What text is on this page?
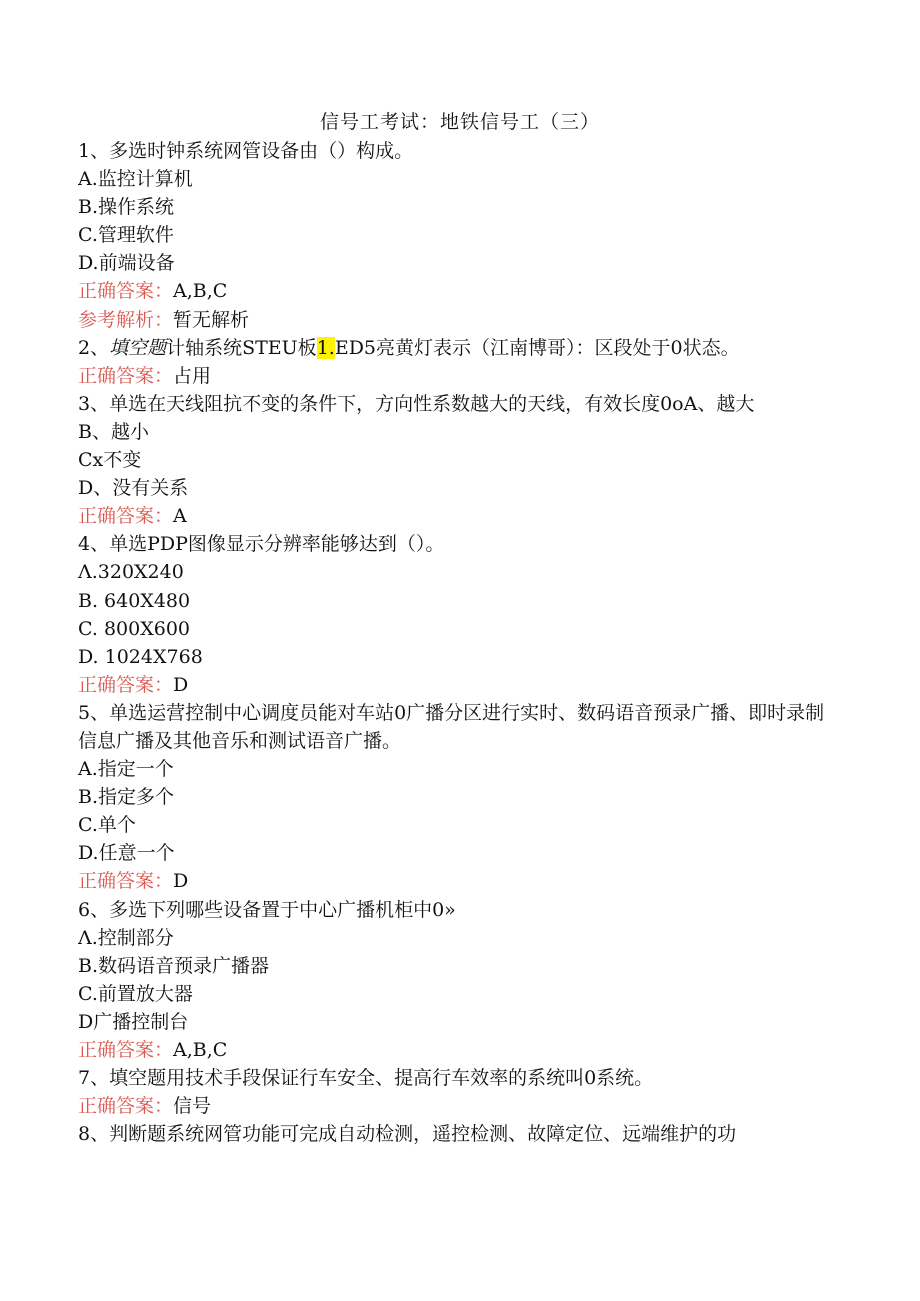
信号工考试：地铁信号工（三）
1、多选时钟系统网管设备由（）构成。
A.监控计算机
B.操作系统
C.管理软件
D.前端设备
正确答案：A,B,C
参考解析：暂无解析
2、填空题计轴系统STEU板1.ED5亮黄灯表示（江南博哥）：区段处于0状态。
正确答案：占用
3、单选在天线阻抗不变的条件下，方向性系数越大的天线，有效长度0oA、越大
B、越小
Cx不变
D、没有关系
正确答案：A
4、单选PDP图像显示分辨率能够达到（）。
Λ.320X240
B. 640X480
C. 800X600
D. 1024X768
正确答案：D
5、单选运营控制中心调度员能对车站0广播分区进行实时、数码语音预录广播、即时录制信息广播及其他音乐和测试语音广播。
A.指定一个
B.指定多个
C.单个
D.任意一个
正确答案：D
6、多选下列哪些设备置于中心广播机柜中0»
Λ.控制部分
B.数码语音预录广播器
C.前置放大器
D广播控制台
正确答案：A,B,C
7、填空题用技术手段保证行车安全、提高行车效率的系统叫0系统。
正确答案：信号
8、判断题系统网管功能可完成自动检测，遥控检测、故障定位、远端维护的功
